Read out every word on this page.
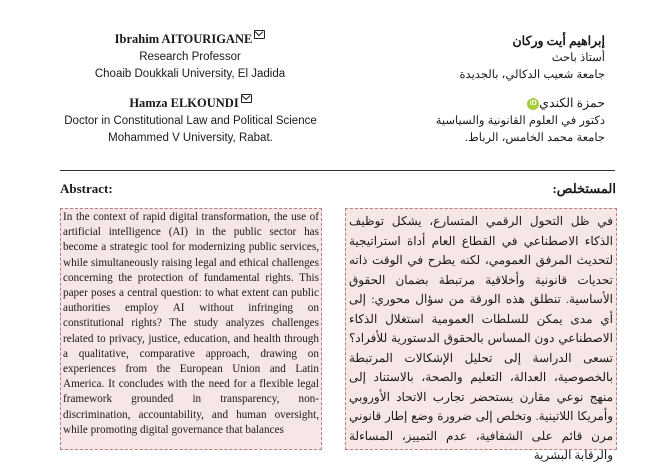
Ibrahim AITOURIGANE
Research Professor
Choaib Doukkali University, El Jadida
إبراهيم أيت وركان
أستاذ باحث
جامعة شعيب الدكالي، بالجديدة
Hamza ELKOUNDI
Doctor in Constitutional Law and Political Science
Mohammed V University, Rabat.
حمزة الكنديiD
دكتور في العلوم القانونية والسياسية
جامعة محمد الخامس، الرباط.
Abstract:	المستخلص:
In the context of rapid digital transformation, the use of artificial intelligence (AI) in the public sector has become a strategic tool for modernizing public services, while simultaneously raising legal and ethical challenges concerning the protection of fundamental rights. This paper poses a central question: to what extent can public authorities employ AI without infringing on constitutional rights? The study analyzes challenges related to privacy, justice, education, and health through a qualitative, comparative approach, drawing on experiences from the European Union and Latin America. It concludes with the need for a flexible legal framework grounded in transparency, non-discrimination, accountability, and human oversight, while promoting digital governance that balances
في ظل التحول الرقمي المتسارع، يشكل توظيف الذكاء الاصطناعي في القطاع العام أداة استراتيجية لتحديث المرفق العمومي، لكنه يطرح في الوقت ذاته تحديات قانونية وأخلاقية مرتبطة بضمان الحقوق الأساسية. تنطلق هذه الورقة من سؤال محوري: إلى أي مدى يمكن للسلطات العمومية استغلال الذكاء الاصطناعي دون المساس بالحقوق الدستورية للأفراد؟ تسعى الدراسة إلى تحليل الإشكالات المرتبطة بالخصوصية، العدالة، التعليم والصحة، بالاستناد إلى منهج نوعي مقارن يستحضر تجارب الاتحاد الأوروبي وأمريكا اللاتينية. وتخلص إلى ضرورة وضع إطار قانوني مرن قائم على الشفافية، عدم التمييز، المساءلة والرقابة البشرية
